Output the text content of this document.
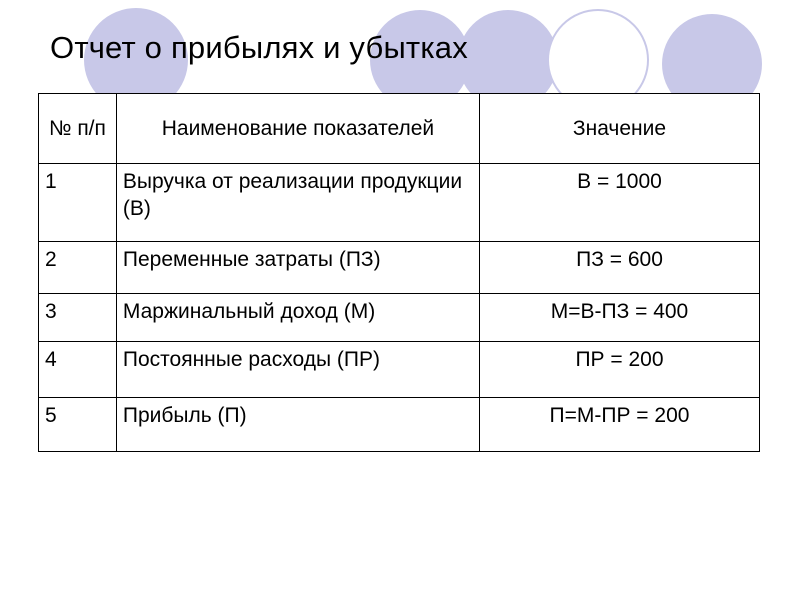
Отчет о прибылях и убытках
№ п/п	Наименование показателей	Значение
1	Выручка от реализации продукции (В)	В = 1000
2	Переменные затраты (ПЗ)	ПЗ = 600
3	Маржинальный доход (М)	М=В-ПЗ = 400
4	Постоянные расходы (ПР)	ПР = 200
5	Прибыль (П)	П=М-ПР = 200
